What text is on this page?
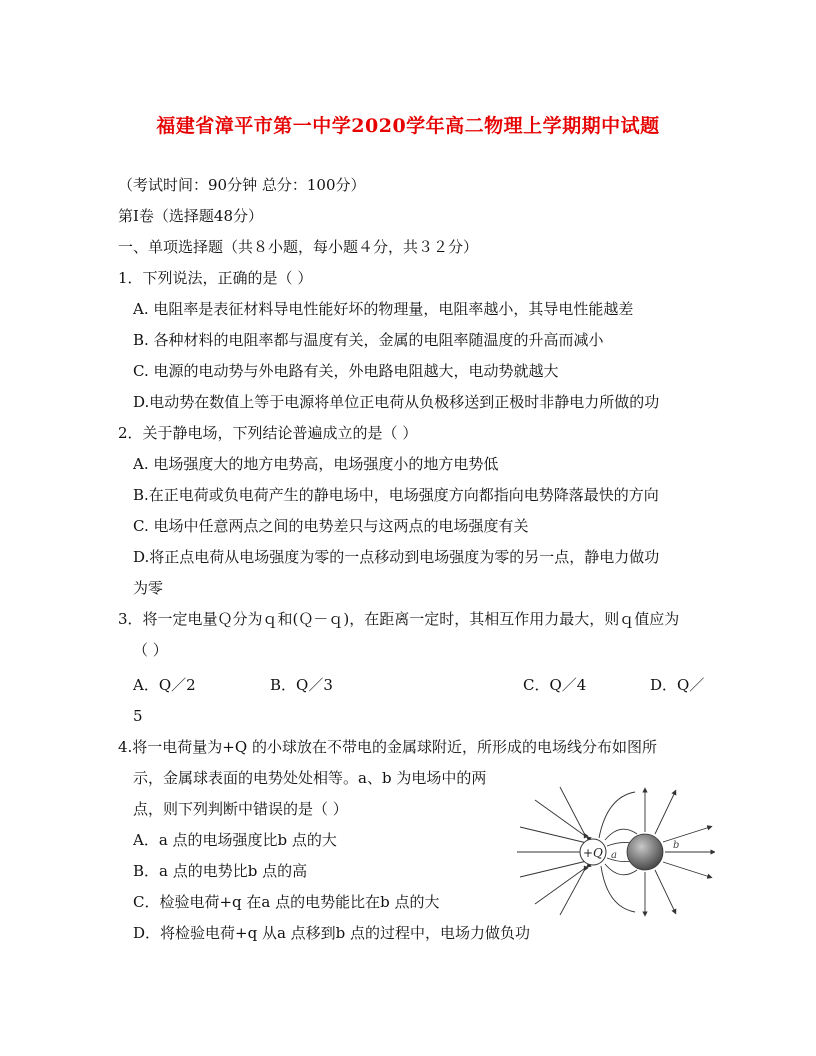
福建省漳平市第一中学2020学年高二物理上学期期中试题
（考试时间：90分钟 总分：100分）
第Ⅰ卷（选择题48分）
一、单项选择题（共８小题，每小题４分，共３２分）
1．下列说法，正确的是（ ）
A. 电阻率是表征材料导电性能好坏的物理量，电阻率越小，其导电性能越差
B. 各种材料的电阻率都与温度有关，金属的电阻率随温度的升高而减小
C. 电源的电动势与外电路有关，外电路电阻越大，电动势就越大
D.电动势在数值上等于电源将单位正电荷从负极移送到正极时非静电力所做的功
2．关于静电场，下列结论普遍成立的是（ ）
A. 电场强度大的地方电势高，电场强度小的地方电势低
B.在正电荷或负电荷产生的静电场中，电场强度方向都指向电势降落最快的方向
C. 电场中任意两点之间的电势差只与这两点的电场强度有关
D.将正点电荷从电场强度为零的一点移动到电场强度为零的另一点，静电力做功
为零
3．将一定电量Ｑ分为ｑ和(Ｑ－ｑ)，在距离一定时，其相互作用力最大，则ｑ值应为
（ ）
A．Q／2	B．Q／3	C．Q／4	D．Q／
5
4.将一电荷量为+Q 的小球放在不带电的金属球附近，所形成的电场线分布如图所
示，金属球表面的电势处处相等。a、b 为电场中的两
点，则下列判断中错误的是（ ）
A．a 点的电场强度比b 点的大
B．a 点的电势比b 点的高
C．检验电荷+q 在a 点的电势能比在b 点的大
D．将检验电荷+q 从a 点移到b 点的过程中，电场力做负功
+Q a
b
